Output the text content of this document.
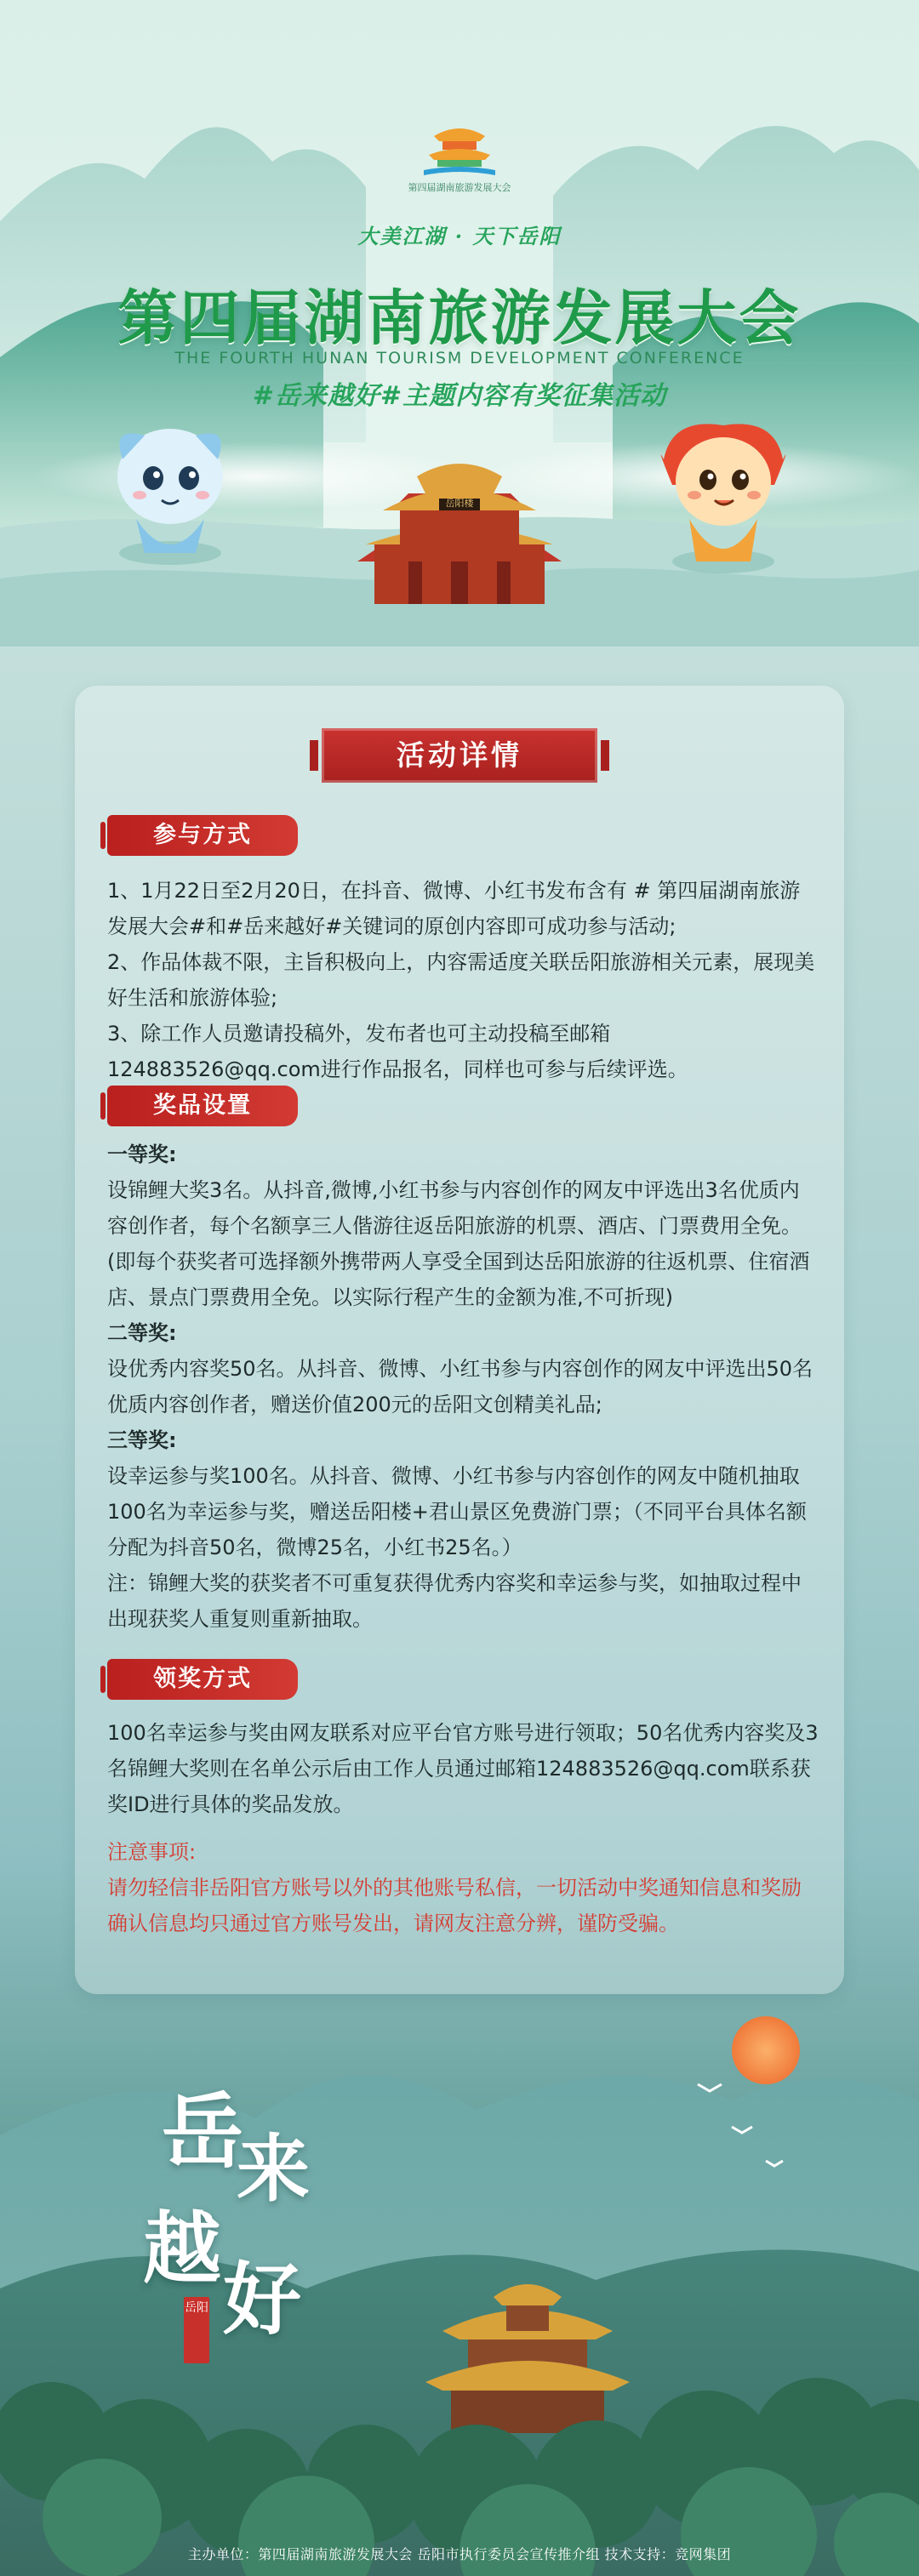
岳阳楼
第四届湖南旅游发展大会
大美江湖 · 天下岳阳
第四届湖南旅游发展大会
THE FOURTH HUNAN TOURISM DEVELOPMENT CONFERENCE
#岳来越好#主题内容有奖征集活动
活动详情
参与方式

1、1月22日至2月20日，在抖音、微博、小红书发布含有 # 第四届湖南旅游发展大会#和#岳来越好#关键词的原创内容即可成功参与活动;

2、作品体裁不限，主旨积极向上，内容需适度关联岳阳旅游相关元素，展现美好生活和旅游体验;

3、除工作人员邀请投稿外，发布者也可主动投稿至邮箱124883526@qq.com进行作品报名，同样也可参与后续评选。

奖品设置

一等奖:

设锦鲤大奖3名。从抖音,微博,小红书参与内容创作的网友中评选出3名优质内容创作者，每个名额享三人偕游往返岳阳旅游的机票、酒店、门票费用全免。(即每个获奖者可选择额外携带两人享受全国到达岳阳旅游的往返机票、住宿酒店、景点门票费用全免。以实际行程产生的金额为准,不可折现)

二等奖:

设优秀内容奖50名。从抖音、微博、小红书参与内容创作的网友中评选出50名优质内容创作者，赠送价值200元的岳阳文创精美礼品;

三等奖:

设幸运参与奖100名。从抖音、微博、小红书参与内容创作的网友中随机抽取100名为幸运参与奖，赠送岳阳楼+君山景区免费游门票；（不同平台具体名额分配为抖音50名，微博25名，小红书25名。）

注：锦鲤大奖的获奖者不可重复获得优秀内容奖和幸运参与奖，如抽取过程中出现获奖人重复则重新抽取。

领奖方式

100名幸运参与奖由网友联系对应平台官方账号进行领取；50名优秀内容奖及3名锦鲤大奖则在名单公示后由工作人员通过邮箱124883526@qq.com联系获奖ID进行具体的奖品发放。

注意事项:

请勿轻信非岳阳官方账号以外的其他账号私信，一切活动中奖通知信息和奖励确认信息均只通过官方账号发出，请网友注意分辨，谨防受骗。

岳
来
越
好
岳阳
主办单位：第四届湖南旅游发展大会 岳阳市执行委员会宣传推介组 技术支持：竞网集团
